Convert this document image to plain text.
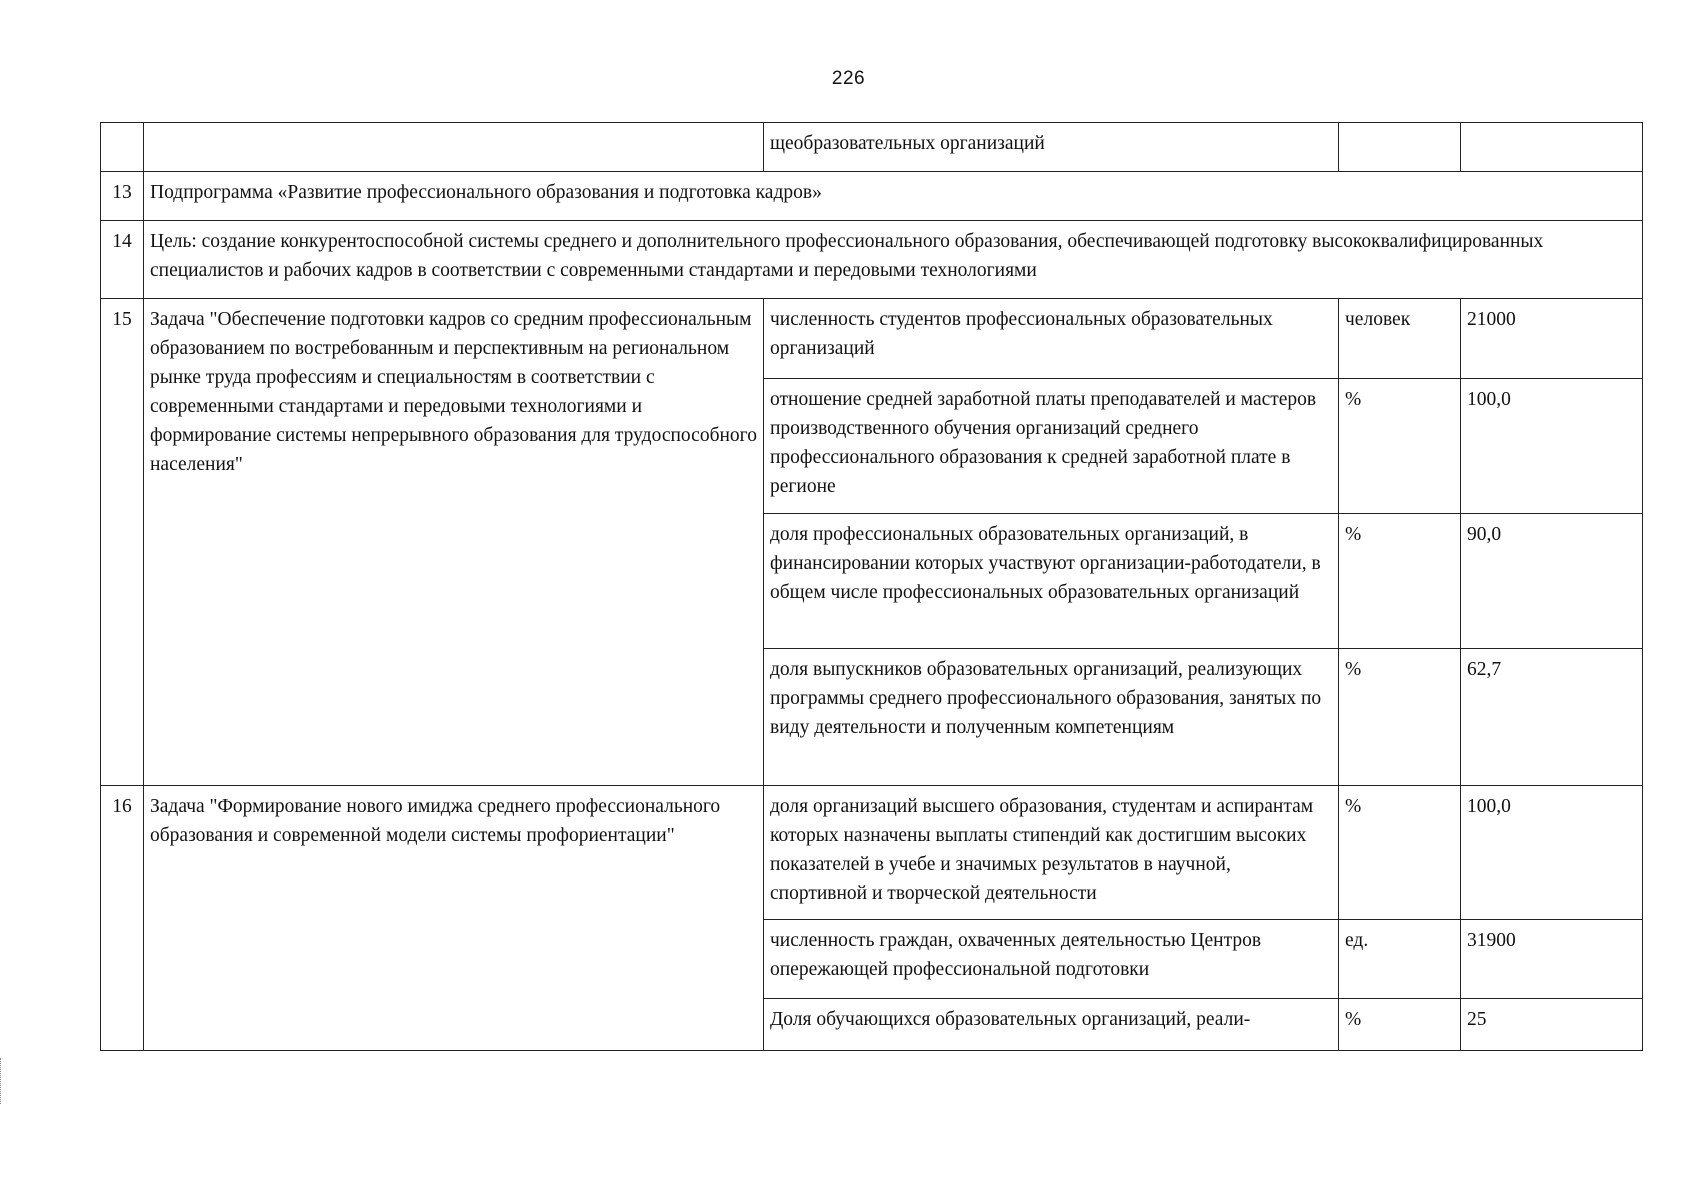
226
		щеобразовательных организаций		
13	Подпрограмма «Развитие профессионального образования и подготовка кадров»			
14	Цель: создание конкурентоспособной системы среднего и дополнительного профессионального образования, обеспечивающей подготовку высококвалифицированных специалистов и рабочих кадров в соответствии с современными стандартами и передовыми технологиями			
15	Задача "Обеспечение подготовки кадров со средним профессиональным образованием по востребованным и перспективным на региональном рынке труда профессиям и специальностям в соответствии с современными стандартами и передовыми технологиями и формирование системы непрерывного образования для трудоспособного населения"	численность студентов профессиональных образовательных организаций	человек	21000
		отношение средней заработной платы преподавателей и мастеров производственного обучения организаций среднего профессионального образования к средней заработной плате в регионе	%	100,0
		доля профессиональных образовательных организаций, в финансировании которых участвуют организации-работодатели, в общем числе профессиональных образовательных организаций	%	90,0
		доля выпускников образовательных организаций, реализующих программы среднего профессионального образования, занятых по виду деятельности и полученным компетенциям	%	62,7
16	Задача "Формирование нового имиджа среднего профессионального образования и современной модели системы профориентации"	доля организаций высшего образования, студентам и аспирантам которых назначены выплаты стипендий как достигшим высоких показателей в учебе и значимых результатов в научной, спортивной и творческой деятельности	%	100,0
		численность граждан, охваченных деятельностью Центров опережающей профессиональной подготовки	ед.	31900
		Доля обучающихся образовательных организаций, реали-	%	25
